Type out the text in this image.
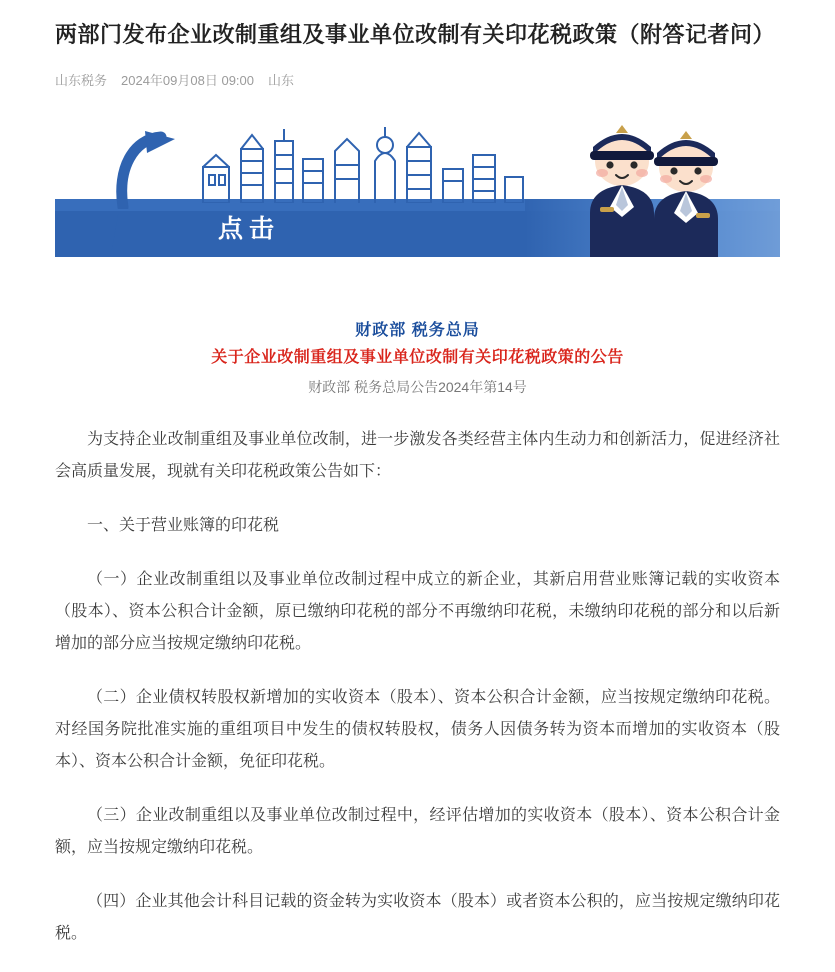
两部门发布企业改制重组及事业单位改制有关印花税政策（附答记者问）
山东税务 2024年09月08日 09:00 山东
点击
财政部 税务总局
关于企业改制重组及事业单位改制有关印花税政策的公告
财政部 税务总局公告2024年第14号

为支持企业改制重组及事业单位改制，进一步激发各类经营主体内生动力和创新活力，促进经济社会高质量发展，现就有关印花税政策公告如下：

一、关于营业账簿的印花税

（一）企业改制重组以及事业单位改制过程中成立的新企业，其新启用营业账簿记载的实收资本（股本）、资本公积合计金额，原已缴纳印花税的部分不再缴纳印花税，未缴纳印花税的部分和以后新增加的部分应当按规定缴纳印花税。

（二）企业债权转股权新增加的实收资本（股本）、资本公积合计金额，应当按规定缴纳印花税。对经国务院批准实施的重组项目中发生的债权转股权，债务人因债务转为资本而增加的实收资本（股本）、资本公积合计金额，免征印花税。

（三）企业改制重组以及事业单位改制过程中，经评估增加的实收资本（股本）、资本公积合计金额，应当按规定缴纳印花税。

（四）企业其他会计科目记载的资金转为实收资本（股本）或者资本公积的，应当按规定缴纳印花税。
